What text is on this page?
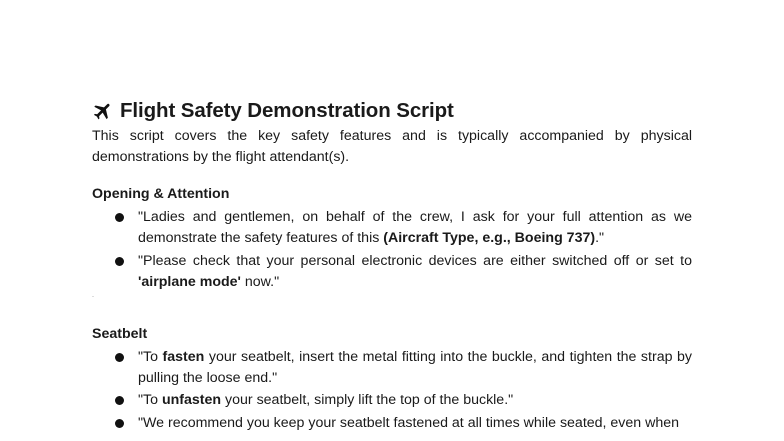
Flight Safety Demonstration Script

This script covers the key safety features and is typically accompanied by physical demonstrations by the flight attendant(s).

Opening & Attention
"Ladies and gentlemen, on behalf of the crew, I ask for your full attention as we demonstrate the safety features of this (Aircraft Type, e.g., Boeing 737)."
"Please check that your personal electronic devices are either switched off or set to 'airplane mode' now."
Seatbelt
"To fasten your seatbelt, insert the metal fitting into the buckle, and tighten the strap by pulling the loose end."
"To unfasten your seatbelt, simply lift the top of the buckle."
"We recommend you keep your seatbelt fastened at all times while seated, even when
